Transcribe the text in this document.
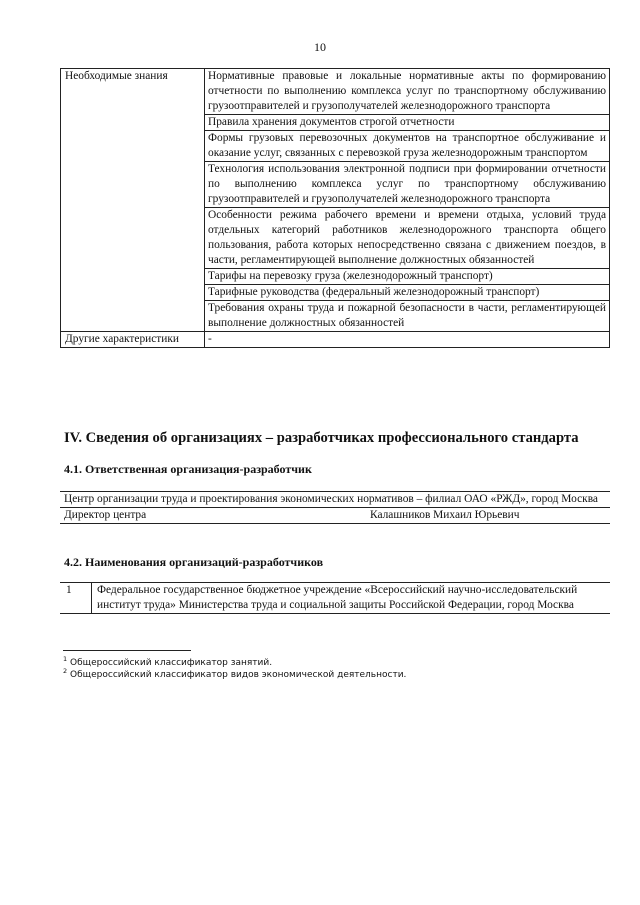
10
Необходимые знания	Нормативные правовые и локальные нормативные акты по формированию отчетности по выполнению комплекса услуг по транспортному обслуживанию грузоотправителей и грузополучателей железнодорожного транспорта
	Правила хранения документов строгой отчетности
	Формы грузовых перевозочных документов на транспортное обслуживание и оказание услуг, связанных с перевозкой груза железнодорожным транспортом
	Технология использования электронной подписи при формировании отчетности по выполнению комплекса услуг по транспортному обслуживанию грузоотправителей и грузополучателей железнодорожного транспорта
	Особенности режима рабочего времени и времени отдыха, условий труда отдельных категорий работников железнодорожного транспорта общего пользования, работа которых непосредственно связана с движением поездов, в части, регламентирующей выполнение должностных обязанностей
	Тарифы на перевозку груза (железнодорожный транспорт)
	Тарифные руководства (федеральный железнодорожный транспорт)
	Требования охраны труда и пожарной безопасности в части, регламентирующей выполнение должностных обязанностей
Другие характеристики	-
IV. Сведения об организациях – разработчиках профессионального стандарта
4.1. Ответственная организация-разработчик
Центр организации труда и проектирования экономических нормативов – филиал ОАО «РЖД», город Москва
Директор центра	Калашников Михаил Юрьевич
4.2. Наименования организаций-разработчиков
1	Федеральное государственное бюджетное учреждение «Всероссийский научно-исследовательский институт труда» Министерства труда и социальной защиты Российской Федерации, город Москва
$^1$ Общероссийский классификатор занятий.
$^2$ Общероссийский классификатор видов экономической деятельности.
